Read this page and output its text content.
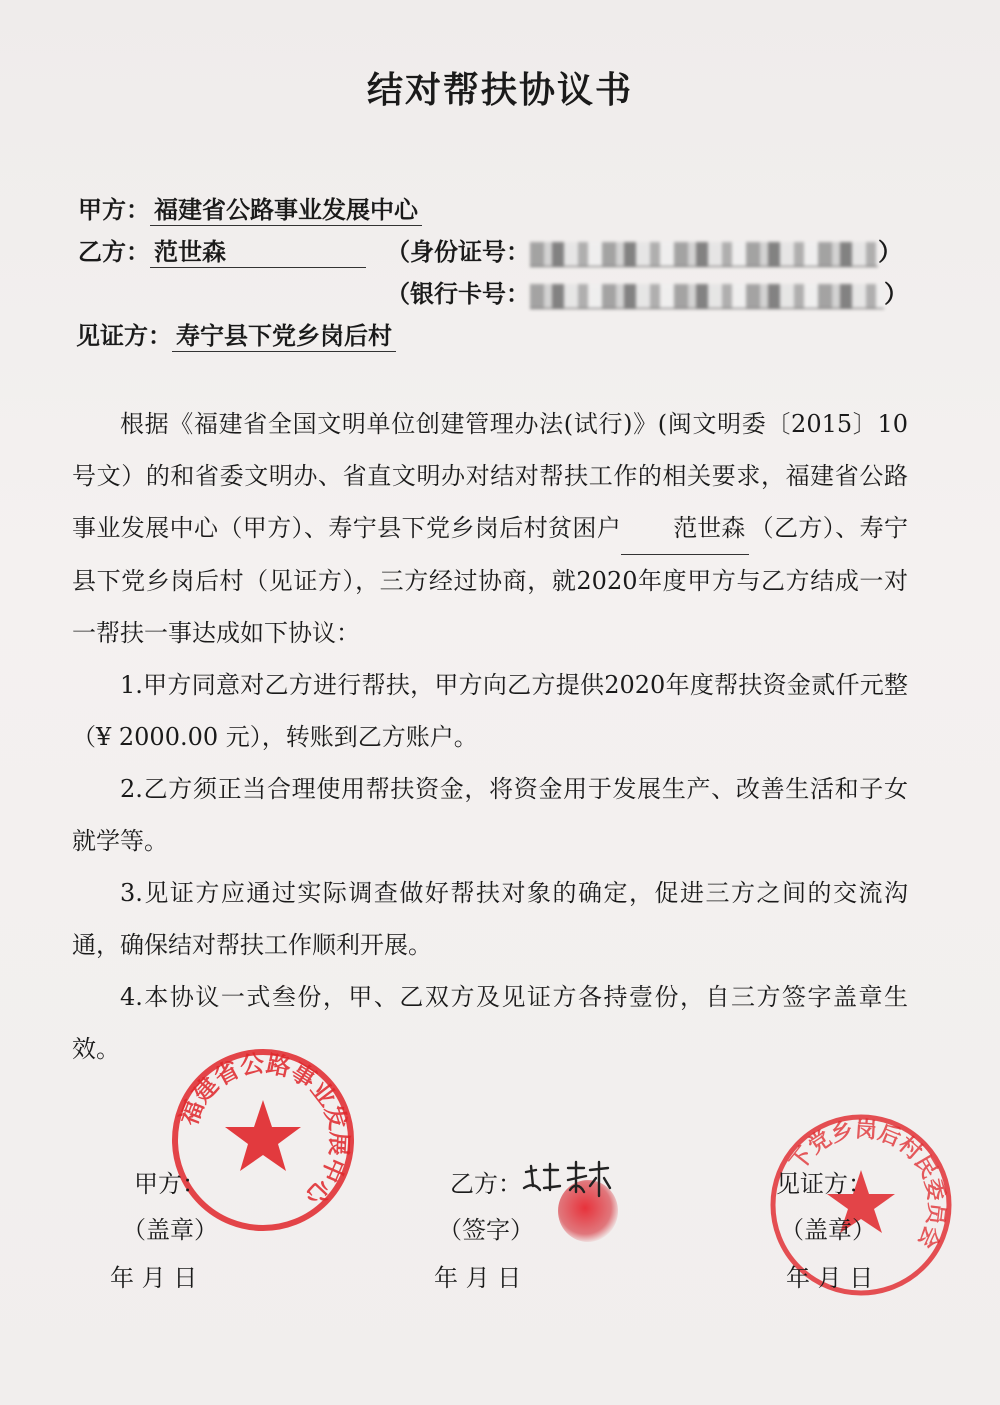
结对帮扶协议书
甲方： 福建省公路事业发展中心
乙方： 范世森	（身份证号：	）
（银行卡号：	）
见证方： 寿宁县下党乡岗后村

根据《福建省全国文明单位创建管理办法(试行)》(闽文明委〔2015〕10号文）的和省委文明办、省直文明办对结对帮扶工作的相关要求，福建省公路事业发展中心（甲方）、寿宁县下党乡岗后村贫困户 范世森 （乙方）、寿宁县下党乡岗后村（见证方），三方经过协商，就2020年度甲方与乙方结成一对一帮扶一事达成如下协议：

1.甲方同意对乙方进行帮扶，甲方向乙方提供2020年度帮扶资金贰仟元整（¥ 2000.00 元），转账到乙方账户。

2.乙方须正当合理使用帮扶资金，将资金用于发展生产、改善生活和子女就学等。

3.见证方应通过实际调查做好帮扶对象的确定，促进三方之间的交流沟通，确保结对帮扶工作顺利开展。

4.本协议一式叁份，甲、乙双方及见证方各持壹份，自三方签字盖章生效。

福建省公路事业发展中心
下党乡岗后村民委员会
甲方：
（盖章）
年 月 日
乙方：
（签字）
年 月 日
见证方：
（盖章）
年 月 日
